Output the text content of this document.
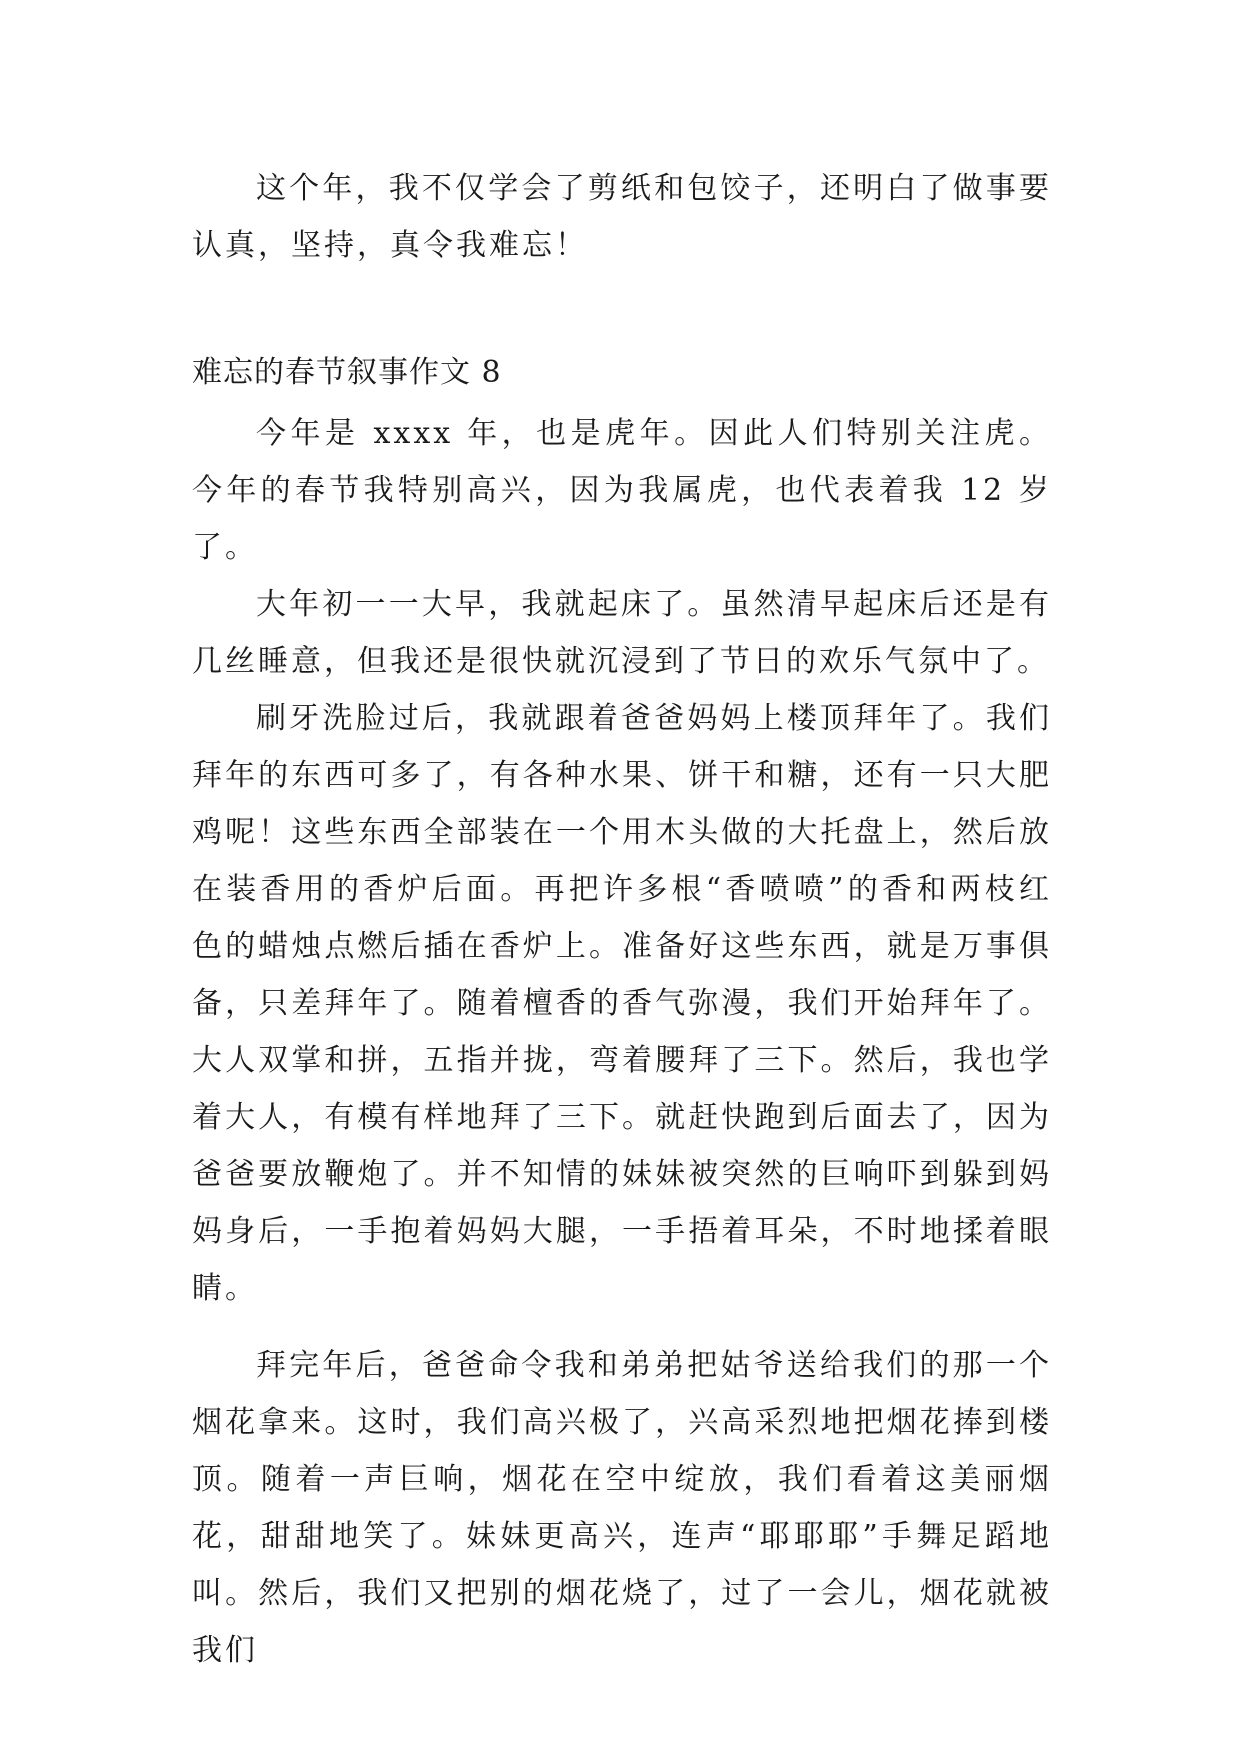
这个年，我不仅学会了剪纸和包饺子，还明白了做事要认真，坚持，真令我难忘！

难忘的春节叙事作文 8

今年是 xxxx 年，也是虎年。因此人们特别关注虎。今年的春节我特别高兴，因为我属虎，也代表着我 12 岁了。

大年初一一大早，我就起床了。虽然清早起床后还是有几丝睡意，但我还是很快就沉浸到了节日的欢乐气氛中了。

刷牙洗脸过后，我就跟着爸爸妈妈上楼顶拜年了。我们拜年的东西可多了，有各种水果、饼干和糖，还有一只大肥鸡呢！这些东西全部装在一个用木头做的大托盘上，然后放在装香用的香炉后面。再把许多根“香喷喷”的香和两枝红色的蜡烛点燃后插在香炉上。准备好这些东西，就是万事俱备，只差拜年了。随着檀香的香气弥漫，我们开始拜年了。大人双掌和拼，五指并拢，弯着腰拜了三下。然后，我也学着大人，有模有样地拜了三下。就赶快跑到后面去了，因为爸爸要放鞭炮了。并不知情的妹妹被突然的巨响吓到躲到妈妈身后，一手抱着妈妈大腿，一手捂着耳朵，不时地揉着眼睛。

拜完年后，爸爸命令我和弟弟把姑爷送给我们的那一个烟花拿来。这时，我们高兴极了，兴高采烈地把烟花捧到楼顶。随着一声巨响，烟花在空中绽放，我们看着这美丽烟花，甜甜地笑了。妹妹更高兴，连声“耶耶耶”手舞足蹈地叫。然后，我们又把别的烟花烧了，过了一会儿，烟花就被我们
